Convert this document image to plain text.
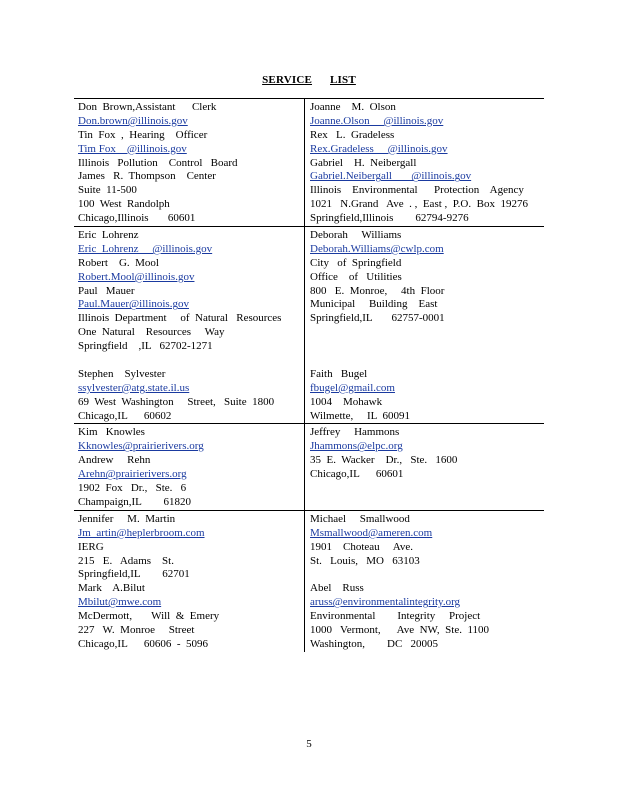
SERVICE LIST
Don  Brown,Assistant      Clerk
Don.brown@illinois.gov
Tin  Fox  ,  Hearing    Officer
Tim Fox    @illinois.gov
Illinois   Pollution    Control   Board
James   R.  Thompson    Center
Suite  11-500
100  West  Randolph
Chicago,Illinois       60601
Joanne    M.  Olson
Joanne.Olson     @illinois.gov
Rex   L.  Gradeless
Rex.Gradeless     @illinois.gov
Gabriel    H.  Neibergall
Gabriel.Neibergall       @illinois.gov
Illinois    Environmental      Protection    Agency
1021   N.Grand   Ave  . ,  East ,  P.O.  Box  19276
Springfield,Illinois        62794-9276
Eric  Lohrenz
Eric  Lohrenz     @illinois.gov
Robert    G.  Mool
Robert.Mool@illinois.gov
Paul   Mauer
Paul.Mauer@illinois.gov
Illinois  Department     of  Natural   Resources
One  Natural    Resources     Way
Springfield    ,IL   62702-1271
Stephen    Sylvester
ssylvester@atg.state.il.us
69  West  Washington     Street,   Suite  1800
Chicago,IL      60602
Deborah     Williams
Deborah.Williams@cwlp.com
City   of  Springfield
Office    of   Utilities
800   E.  Monroe,     4th  Floor
Municipal     Building    East
Springfield,IL       62757-0001
Faith   Bugel
fbugel@gmail.com
1004    Mohawk
Wilmette,     IL  60091
Kim   Knowles
Kknowles@prairierivers.org
Andrew     Rehn
Arehn@prairierivers.org
1902  Fox   Dr.,   Ste.   6
Champaign,IL        61820
Jeffrey     Hammons
Jhammons@elpc.org
35  E.  Wacker    Dr.,   Ste.   1600
Chicago,IL      60601
Jennifer     M.  Martin
Jm  artin@heplerbroom.com
IERG
215   E.   Adams    St.
Springfield,IL        62701
Mark    A.Bilut
Mbilut@mwe.com
McDermott,       Will  &  Emery
227   W.  Monroe     Street
Chicago,IL      60606  -  5096
Michael     Smallwood
Msmallwood@ameren.com
1901    Choteau     Ave.
St.   Louis,   MO   63103
Abel    Russ
aruss@environmentalintegrity.org
Environmental        Integrity     Project
1000   Vermont,      Ave  NW,  Ste.  1100
Washington,        DC   20005
5
